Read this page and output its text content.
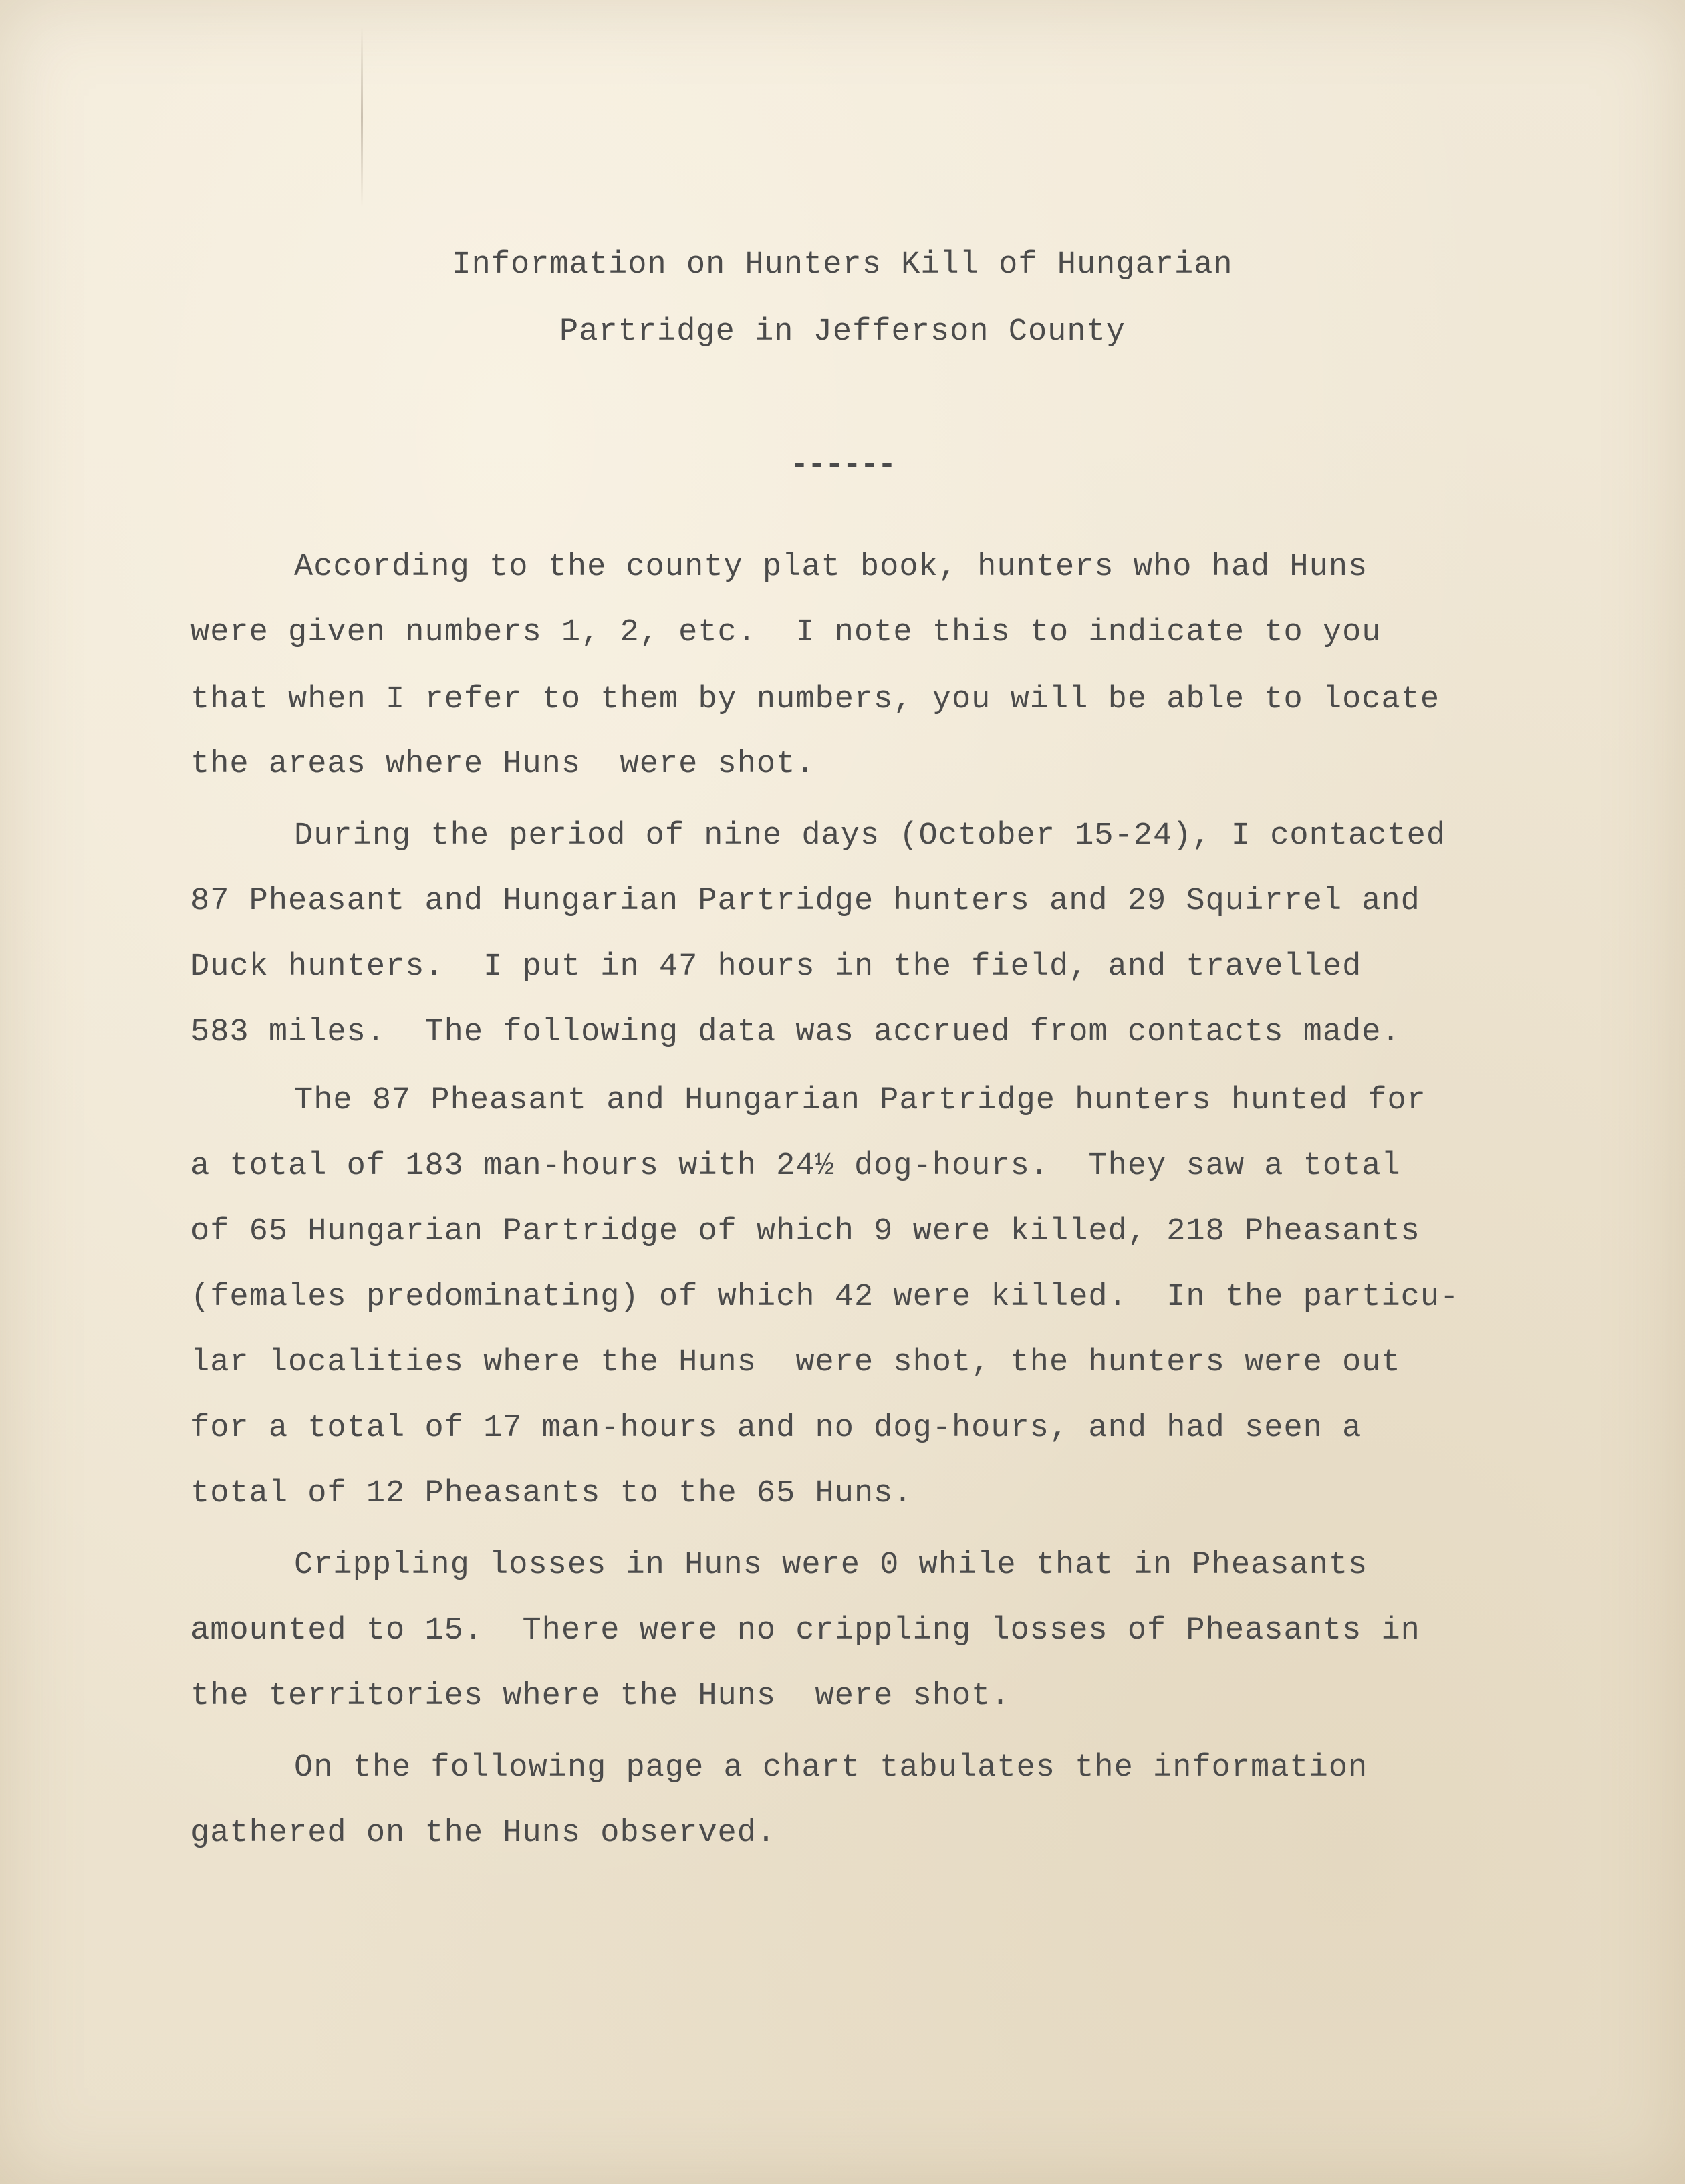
Information on Hunters Kill of Hungarian
Partridge in Jefferson County
------
According to the county plat book, hunters who had Huns
were given numbers 1, 2, etc.  I note this to indicate to you
that when I refer to them by numbers, you will be able to locate
the areas where Huns  were shot.
During the period of nine days (October 15-24), I contacted
87 Pheasant and Hungarian Partridge hunters and 29 Squirrel and
Duck hunters.  I put in 47 hours in the field, and travelled
583 miles.  The following data was accrued from contacts made.
The 87 Pheasant and Hungarian Partridge hunters hunted for
a total of 183 man-hours with 24½ dog-hours.  They saw a total
of 65 Hungarian Partridge of which 9 were killed, 218 Pheasants
(females predominating) of which 42 were killed.  In the particu-
lar localities where the Huns  were shot, the hunters were out
for a total of 17 man-hours and no dog-hours, and had seen a
total of 12 Pheasants to the 65 Huns.
Crippling losses in Huns were 0 while that in Pheasants
amounted to 15.  There were no crippling losses of Pheasants in
the territories where the Huns  were shot.
On the following page a chart tabulates the information
gathered on the Huns observed.
